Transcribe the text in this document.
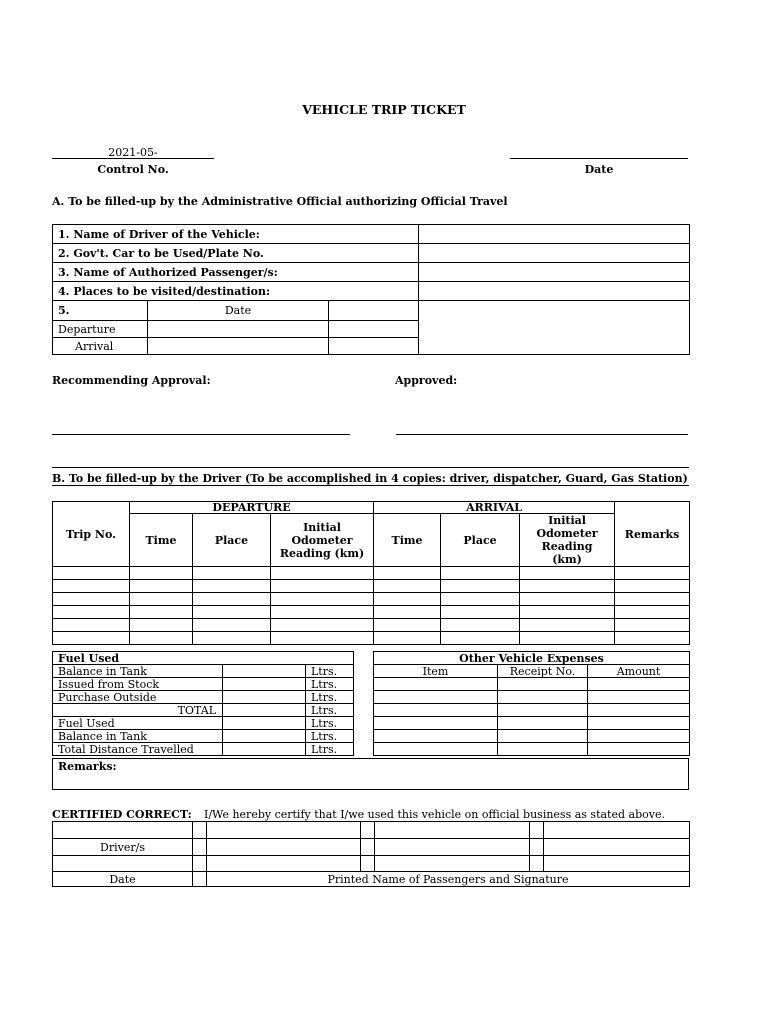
VEHICLE TRIP TICKET
2021-05-
Control No.	Date
A. To be filled-up by the Administrative Official authorizing Official Travel
1. Name of Driver of the Vehicle:			
2. Gov't. Car to be Used/Plate No.			
3. Name of Authorized Passenger/s:			
4. Places to be visited/destination:			
5.	Date		
Departure			
Arrival			
Recommending Approval:	Approved:
B. To be filled-up by the Driver (To be accomplished in 4 copies: driver, dispatcher, Guard, Gas Station)
Trip No.	DEPARTURE			ARRIVAL			Remarks
	Time	Place	Initial Odometer Reading (km)	Time	Place	Initial Odometer Reading (km)	

Fuel Used		
Balance in Tank		Ltrs.
Issued from Stock		Ltrs.
Purchase Outside		Ltrs.
TOTAL		Ltrs.
Fuel Used		Ltrs.
Balance in Tank		Ltrs.
Total Distance Travelled		Ltrs.
Remarks:
Other Vehicle Expenses		
Item	Receipt No.	Amount

CERTIFIED CORRECT: I/We hereby certify that I/we used this vehicle on official business as stated above.

Driver/s						

Date		Printed Name of Passengers and Signature				
